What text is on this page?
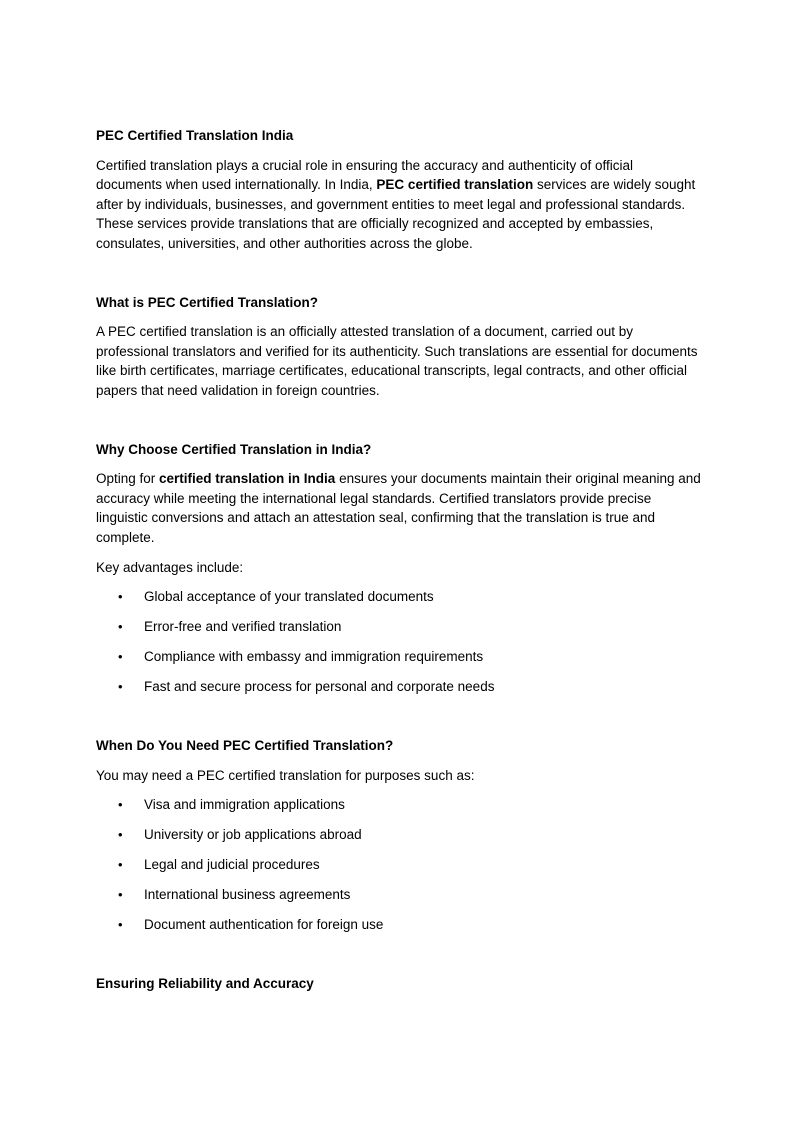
PEC Certified Translation India

Certified translation plays a crucial role in ensuring the accuracy and authenticity of official documents when used internationally. In India, PEC certified translation services are widely sought after by individuals, businesses, and government entities to meet legal and professional standards. These services provide translations that are officially recognized and accepted by embassies, consulates, universities, and other authorities across the globe.

What is PEC Certified Translation?

A PEC certified translation is an officially attested translation of a document, carried out by professional translators and verified for its authenticity. Such translations are essential for documents like birth certificates, marriage certificates, educational transcripts, legal contracts, and other official papers that need validation in foreign countries.

Why Choose Certified Translation in India?

Opting for certified translation in India ensures your documents maintain their original meaning and accuracy while meeting the international legal standards. Certified translators provide precise linguistic conversions and attach an attestation seal, confirming that the translation is true and complete.

Key advantages include:

• Global acceptance of your translated documents
• Error-free and verified translation
• Compliance with embassy and immigration requirements
• Fast and secure process for personal and corporate needs
When Do You Need PEC Certified Translation?

You may need a PEC certified translation for purposes such as:

• Visa and immigration applications
• University or job applications abroad
• Legal and judicial procedures
• International business agreements
• Document authentication for foreign use
Ensuring Reliability and Accuracy
